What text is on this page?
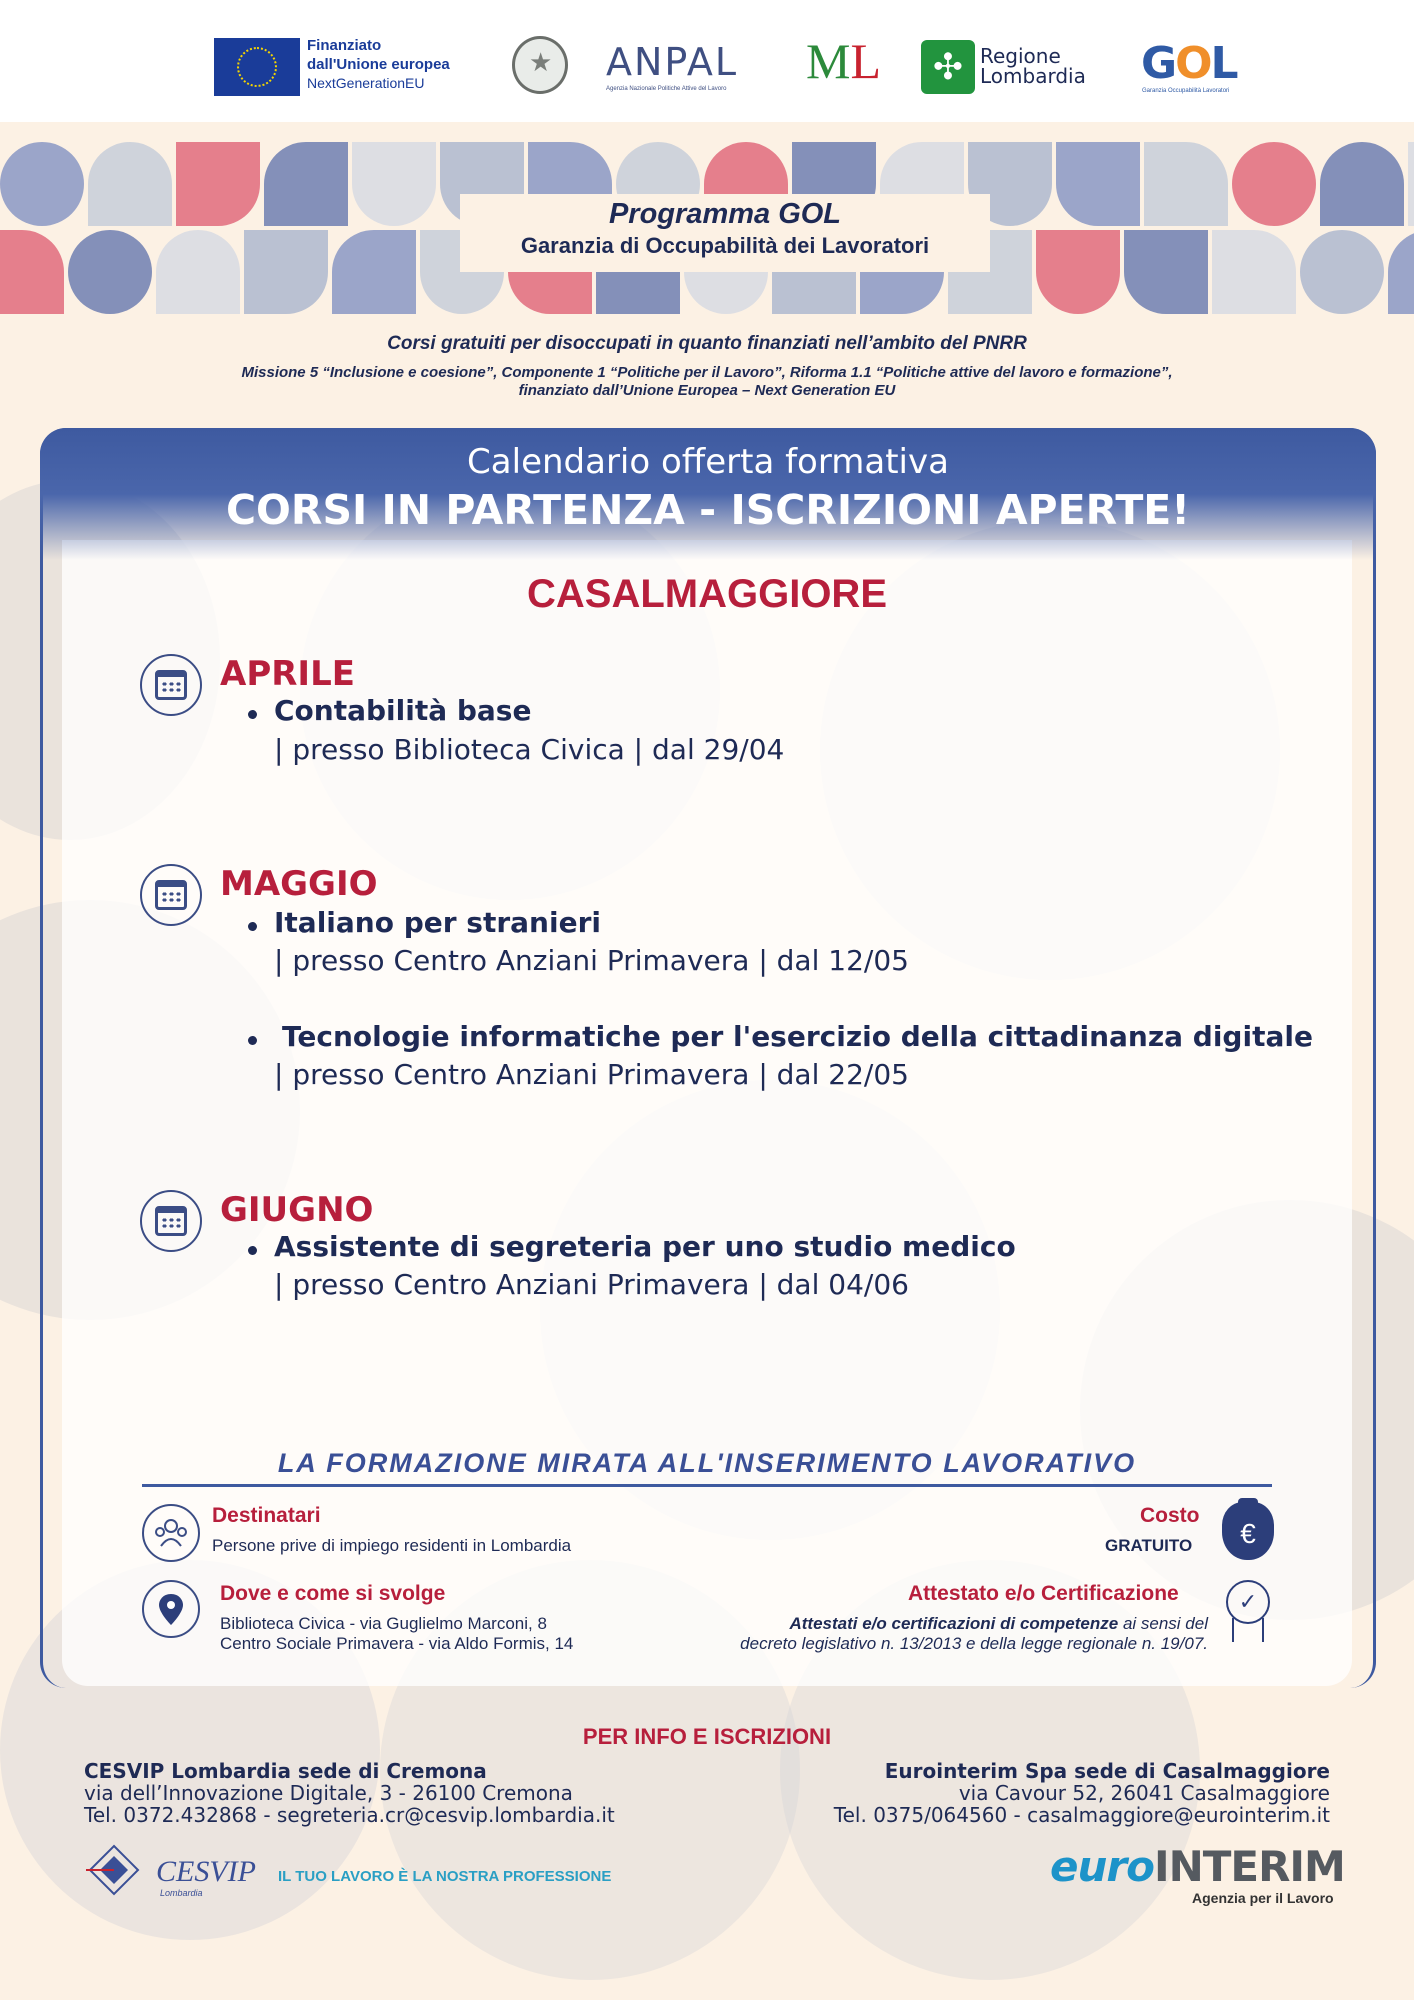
Finanziato
dall'Unione europea
NextGenerationEU
★	ANPAL
Agenzia Nazionale Politiche Attive del Lavoro ML	✣ Regione
Lombardia GOL
Garanzia Occupabilità Lavoratori
Programma GOL
Garanzia di Occupabilità dei Lavoratori
Corsi gratuiti per disoccupati in quanto finanziati nell’ambito del PNRR
Missione 5 “Inclusione e coesione”, Componente 1 “Politiche per il Lavoro”, Riforma 1.1 “Politiche attive del lavoro e formazione”,
finanziato dall’Unione Europea – Next Generation EU
Calendario offerta formativa
CORSI IN PARTENZA - ISCRIZIONI APERTE!
CASALMAGGIORE
APRILE
Contabilità base
| presso Biblioteca Civica | dal 29/04
MAGGIO
Italiano per stranieri
| presso Centro Anziani Primavera | dal 12/05
Tecnologie informatiche per l'esercizio della cittadinanza digitale
| presso Centro Anziani Primavera | dal 22/05
GIUGNO
Assistente di segreteria per uno studio medico
| presso Centro Anziani Primavera | dal 04/06
LA FORMAZIONE MIRATA ALL'INSERIMENTO LAVORATIVO
Destinatari
Persone prive di impiego residenti in Lombardia
Costo
GRATUITO	€
Dove e come si svolge
Biblioteca Civica - via Guglielmo Marconi, 8
Centro Sociale Primavera - via Aldo Formis, 14
Attestato e/o Certificazione
Attestati e/o certificazioni di competenze ai sensi del
decreto legislativo n. 13/2013 e della legge regionale n. 19/07.
✓
PER INFO E ISCRIZIONI
CESVIP Lombardia sede di Cremona
via dell’Innovazione Digitale, 3 - 26100 Cremona
Tel. 0372.432868 - segreteria.cr@cesvip.lombardia.it
Eurointerim Spa sede di Casalmaggiore
via Cavour 52, 26041 Casalmaggiore
Tel. 0375/064560 - casalmaggiore@eurointerim.it
CESVIP
Lombardia
IL TUO LAVORO È LA NOSTRA PROFESSIONE	euroINTERIM
Agenzia per il Lavoro
